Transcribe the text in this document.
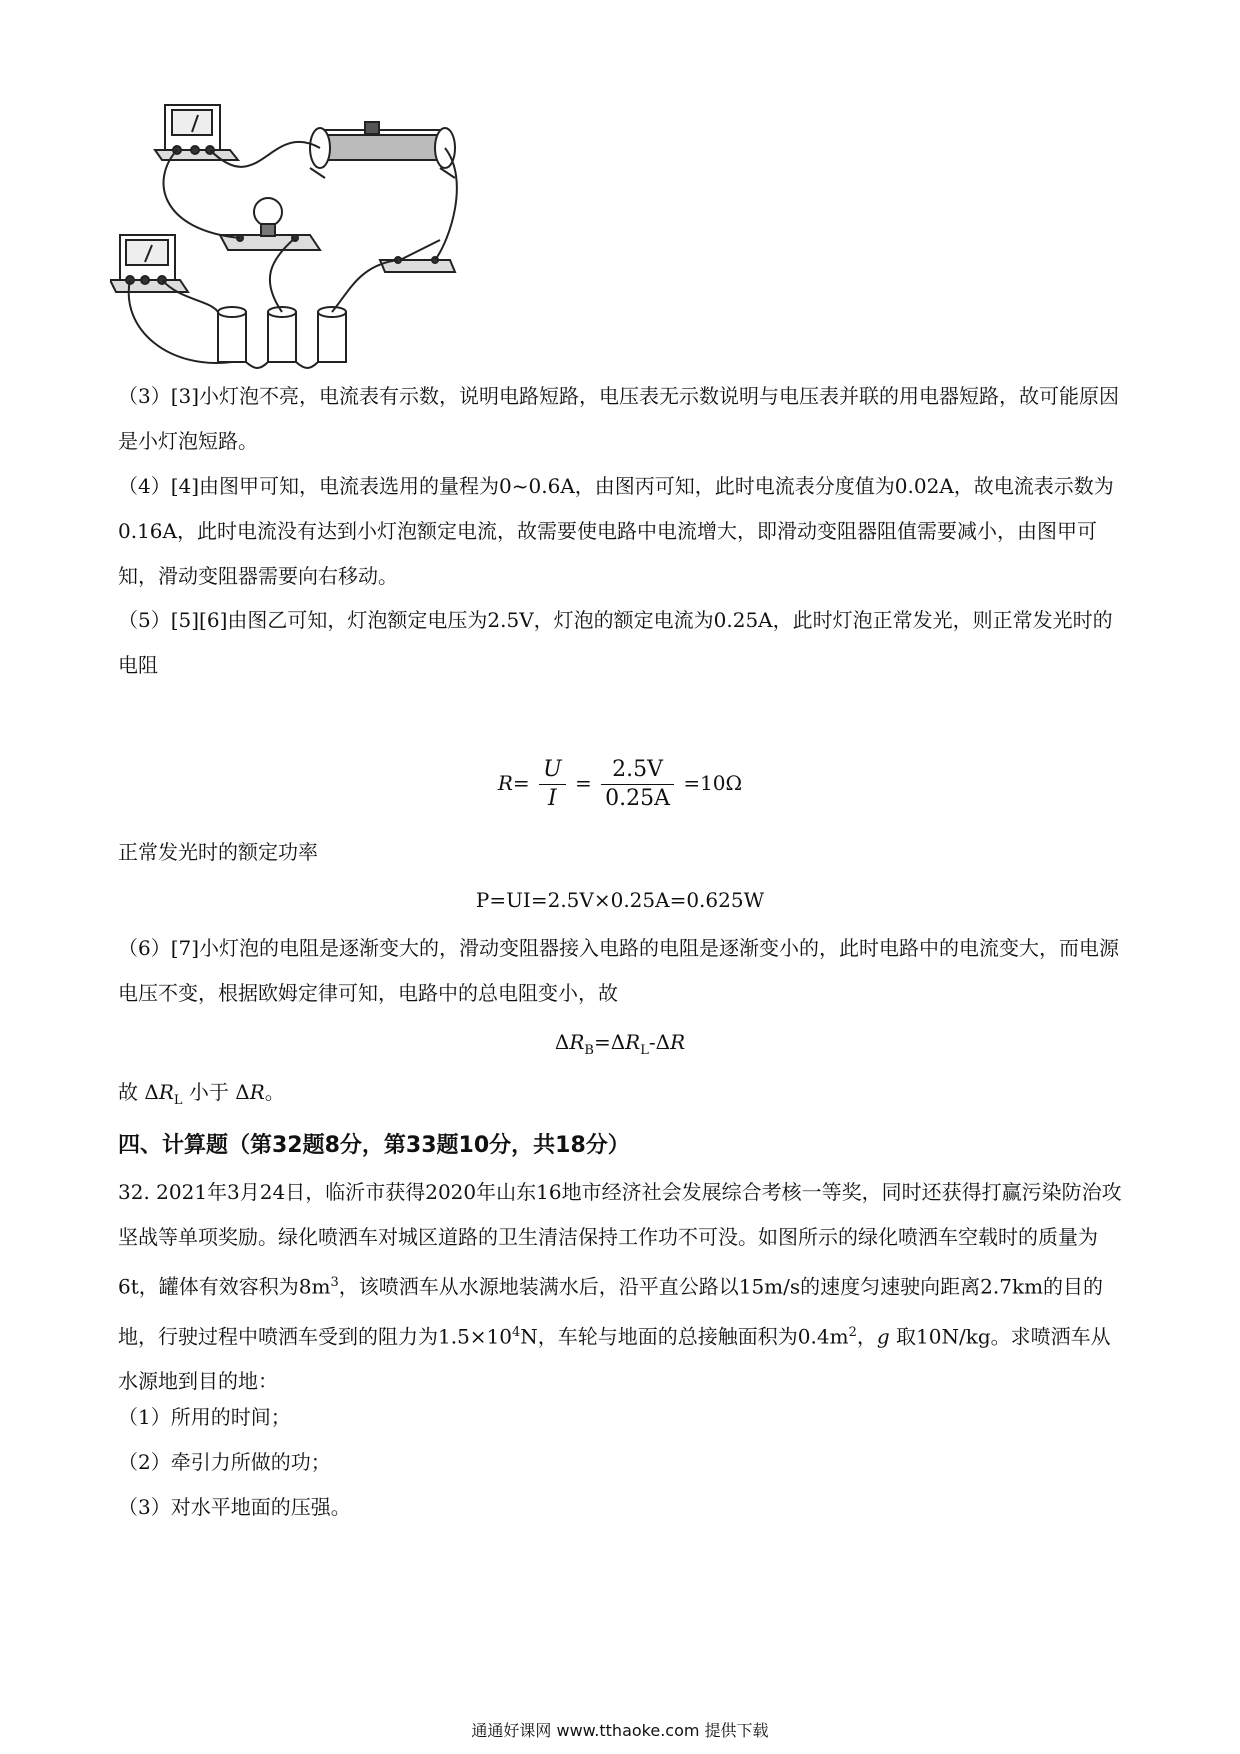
（3）[3]小灯泡不亮，电流表有示数，说明电路短路，电压表无示数说明与电压表并联的用电器短路，故可能原因是小灯泡短路。

（4）[4]由图甲可知，电流表选用的量程为0~0.6A，由图丙可知，此时电流表分度值为0.02A，故电流表示数为0.16A，此时电流没有达到小灯泡额定电流，故需要使电路中电流增大，即滑动变阻器阻值需要减小，由图甲可知，滑动变阻器需要向右移动。

（5）[5][6]由图乙可知，灯泡额定电压为2.5V，灯泡的额定电流为0.25A，此时灯泡正常发光，则正常发光时的电阻

$R= \frac{U}{I} = \frac{2.5V}{0.25A} =10\Omega$

正常发光时的额定功率

P=UI=2.5V×0.25A=0.625W

（6）[7]小灯泡的电阻是逐渐变大的，滑动变阻器接入电路的电阻是逐渐变小的，此时电路中的电流变大，而电源电压不变，根据欧姆定律可知，电路中的总电阻变小，故

$\Delta R_B=\Delta R_L-\Delta R$

故 $\Delta R_L$ 小于 ΔR。

四、计算题（第32题8分，第33题10分，共18分）

32. 2021年3月24日，临沂市获得2020年山东16地市经济社会发展综合考核一等奖，同时还获得打赢污染防治攻坚战等单项奖励。绿化喷洒车对城区道路的卫生清洁保持工作功不可没。如图所示的绿化喷洒车空载时的质量为6t，罐体有效容积为$8m^3$，该喷洒车从水源地装满水后，沿平直公路以15m/s的速度匀速驶向距离2.7km的目的地，行驶过程中喷洒车受到的阻力为$1.5\times 10^4N$，车轮与地面的总接触面积为$0.4m^2$，g 取10N/kg。求喷洒车从水源地到目的地：

（1）所用的时间；

（2）牵引力所做的功；

（3）对水平地面的压强。

通通好课网 www.tthaoke.com 提供下载
